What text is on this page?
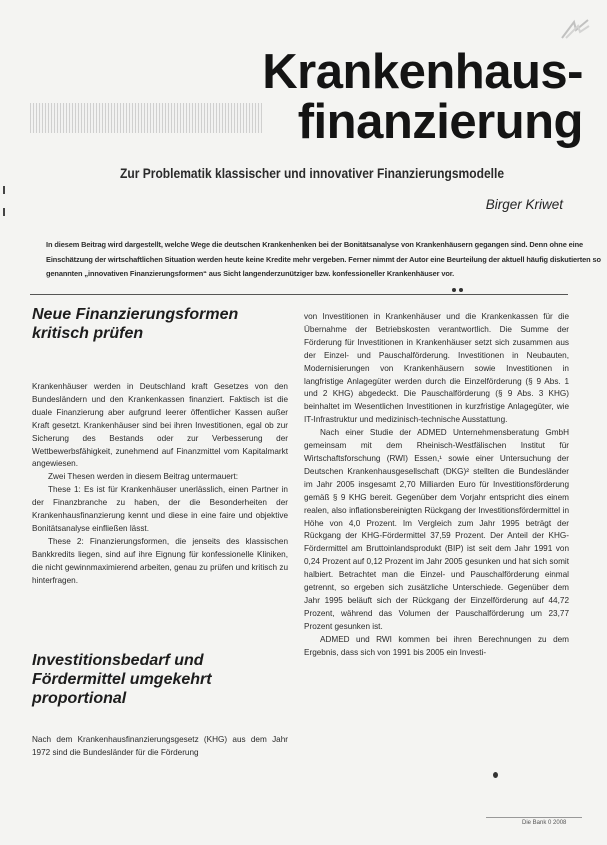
Krankenhaus-
finanzierung

Zur Problematik klassischer und innovativer Finanzierungsmodelle

Birger Kriwet

In diesem Beitrag wird dargestellt, welche Wege die deutschen Krankenhenken bei der Bonitätsanalyse von Krankenhäusern gegangen sind. Denn ohne eine Einschätzung der wirtschaftlichen Situation werden heute keine Kredite mehr vergeben. Ferner nimmt der Autor eine Beurteilung der aktuell häufig diskutierten so genannten „innovativen Finanzierungsformen“ aus Sicht langenderzunütziger bzw. konfessioneller Krankenhäuser vor.

Neue Finanzierungsformen kritisch prüfen

Krankenhäuser werden in Deutschland kraft Gesetzes von den Bundesländern und den Krankenkassen finanziert. Faktisch ist die duale Finanzierung aber aufgrund leerer öffentlicher Kassen außer Kraft gesetzt. Krankenhäuser sind bei ihren Investitionen, egal ob zur Sicherung des Bestands oder zur Verbesserung der Wettbewerbsfähigkeit, zunehmend auf Finanzmittel vom Kapitalmarkt angewiesen.

Zwei Thesen werden in diesem Beitrag untermauert:

These 1: Es ist für Krankenhäuser unerlässlich, einen Partner in der Finanzbranche zu haben, der die Besonderheiten der Krankenhausfinanzierung kennt und diese in eine faire und objektive Bonitätsanalyse einfließen lässt.

These 2: Finanzierungsformen, die jenseits des klassischen Bankkredits liegen, sind auf ihre Eignung für konfessionelle Kliniken, die nicht gewinnmaximierend arbeiten, genau zu prüfen und kritisch zu hinterfragen.

Investitionsbedarf und Fördermittel umgekehrt proportional

Nach dem Krankenhausfinanzierungsgesetz (KHG) aus dem Jahr 1972 sind die Bundesländer für die Förderung

von Investitionen in Krankenhäuser und die Krankenkassen für die Übernahme der Betriebskosten verantwortlich. Die Summe der Förderung für Investitionen in Krankenhäuser setzt sich zusammen aus der Einzel- und Pauschalförderung. Investitionen in Neubauten, Modernisierungen von Krankenhäusern sowie Investitionen in langfristige Anlagegüter werden durch die Einzelförderung (§ 9 Abs. 1 und 2 KHG) abgedeckt. Die Pauschalförderung (§ 9 Abs. 3 KHG) beinhaltet im Wesentlichen Investitionen in kurzfristige Anlagegüter, wie IT-Infrastruktur und medizinisch-technische Ausstattung.

Nach einer Studie der ADMED Unternehmensberatung GmbH gemeinsam mit dem Rheinisch-Westfälischen Institut für Wirtschaftsforschung (RWI) Essen,¹ sowie einer Untersuchung der Deutschen Krankenhausgesellschaft (DKG)² stellten die Bundesländer im Jahr 2005 insgesamt 2,70 Milliarden Euro für Investitionsförderung gemäß § 9 KHG bereit. Gegenüber dem Vorjahr entspricht dies einem realen, also inflationsbereinigten Rückgang der Investitionsfördermittel in Höhe von 4,0 Prozent. Im Vergleich zum Jahr 1995 beträgt der Rückgang der KHG-Fördermittel 37,59 Prozent. Der Anteil der KHG-Fördermittel am Bruttoinlandsprodukt (BIP) ist seit dem Jahr 1991 von 0,24 Prozent auf 0,12 Prozent im Jahr 2005 gesunken und hat sich somit halbiert. Betrachtet man die Einzel- und Pauschalförderung einmal getrennt, so ergeben sich zusätzliche Unterschiede. Gegenüber dem Jahr 1995 beläuft sich der Rückgang der Einzelförderung auf 44,72 Prozent, während das Volumen der Pauschalförderung um 23,77 Prozent gesunken ist.

ADMED und RWI kommen bei ihren Berechnungen zu dem Ergebnis, dass sich von 1991 bis 2005 ein Investi-

Die Bank 0 2008
